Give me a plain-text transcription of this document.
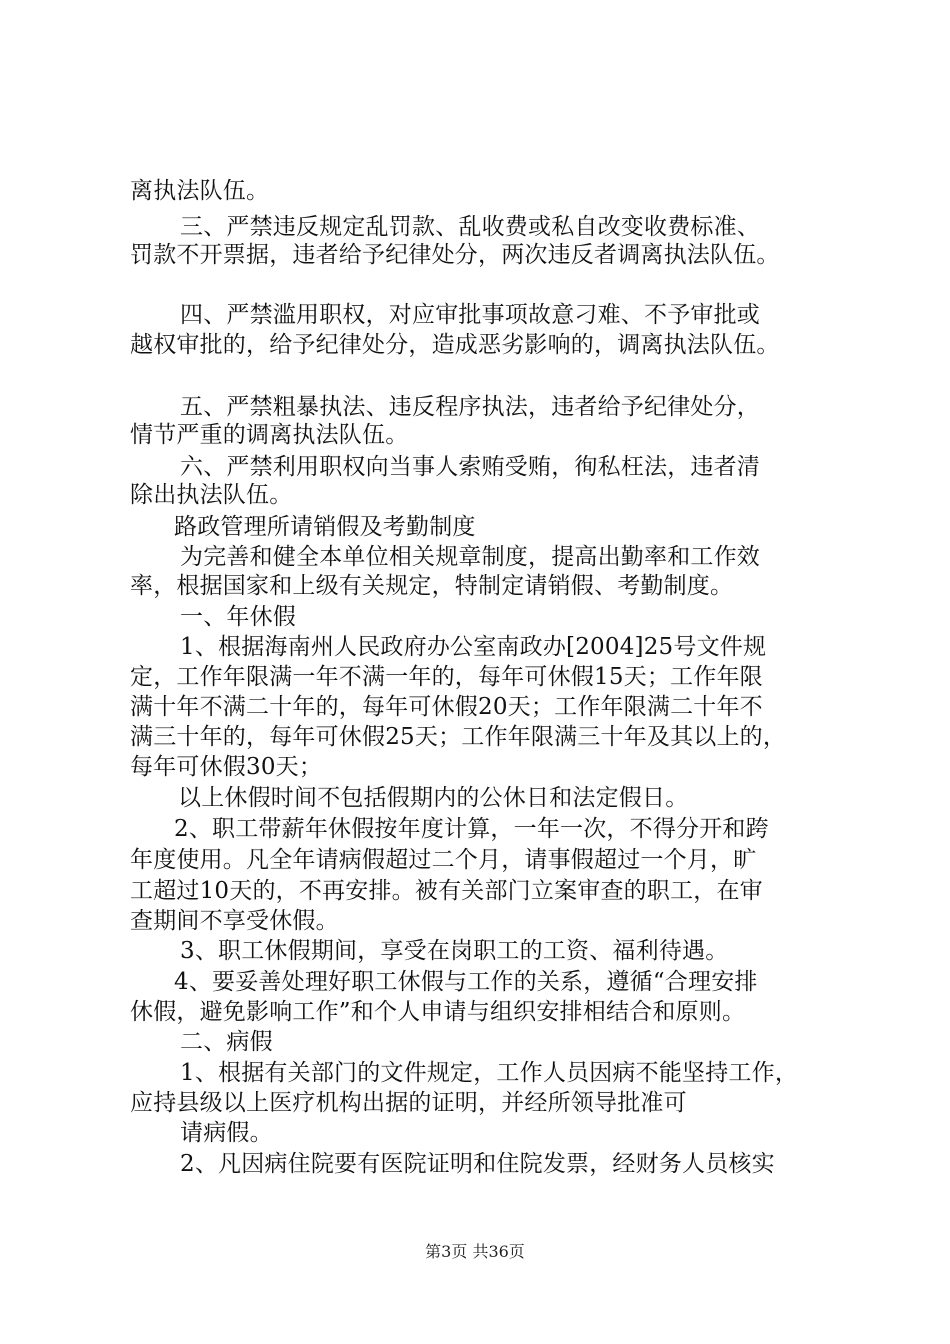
离执法队伍。
三、严禁违反规定乱罚款、乱收费或私自改变收费标准、
罚款不开票据，违者给予纪律处分，两次违反者调离执法队伍。
四、严禁滥用职权，对应审批事项故意刁难、不予审批或
越权审批的，给予纪律处分，造成恶劣影响的，调离执法队伍。
五、严禁粗暴执法、违反程序执法，违者给予纪律处分，
情节严重的调离执法队伍。
六、严禁利用职权向当事人索贿受贿，徇私枉法，违者清
除出执法队伍。
路政管理所请销假及考勤制度
为完善和健全本单位相关规章制度，提高出勤率和工作效
率，根据国家和上级有关规定，特制定请销假、考勤制度。
一、年休假
1、根据海南州人民政府办公室南政办[2004]25号文件规
定，工作年限满一年不满一年的，每年可休假15天；工作年限
满十年不满二十年的，每年可休假20天；工作年限满二十年不
满三十年的，每年可休假25天；工作年限满三十年及其以上的，
每年可休假30天；
以上休假时间不包括假期内的公休日和法定假日。
2、职工带薪年休假按年度计算，一年一次，不得分开和跨
年度使用。凡全年请病假超过二个月，请事假超过一个月，旷
工超过10天的，不再安排。被有关部门立案审查的职工，在审
查期间不享受休假。
3、职工休假期间，享受在岗职工的工资、福利待遇。
4、要妥善处理好职工休假与工作的关系，遵循“合理安排
休假，避免影响工作”和个人申请与组织安排相结合和原则。
二、病假
1、根据有关部门的文件规定，工作人员因病不能坚持工作，
应持县级以上医疗机构出据的证明，并经所领导批准可
请病假。
2、凡因病住院要有医院证明和住院发票，经财务人员核实
第3页 共36页
